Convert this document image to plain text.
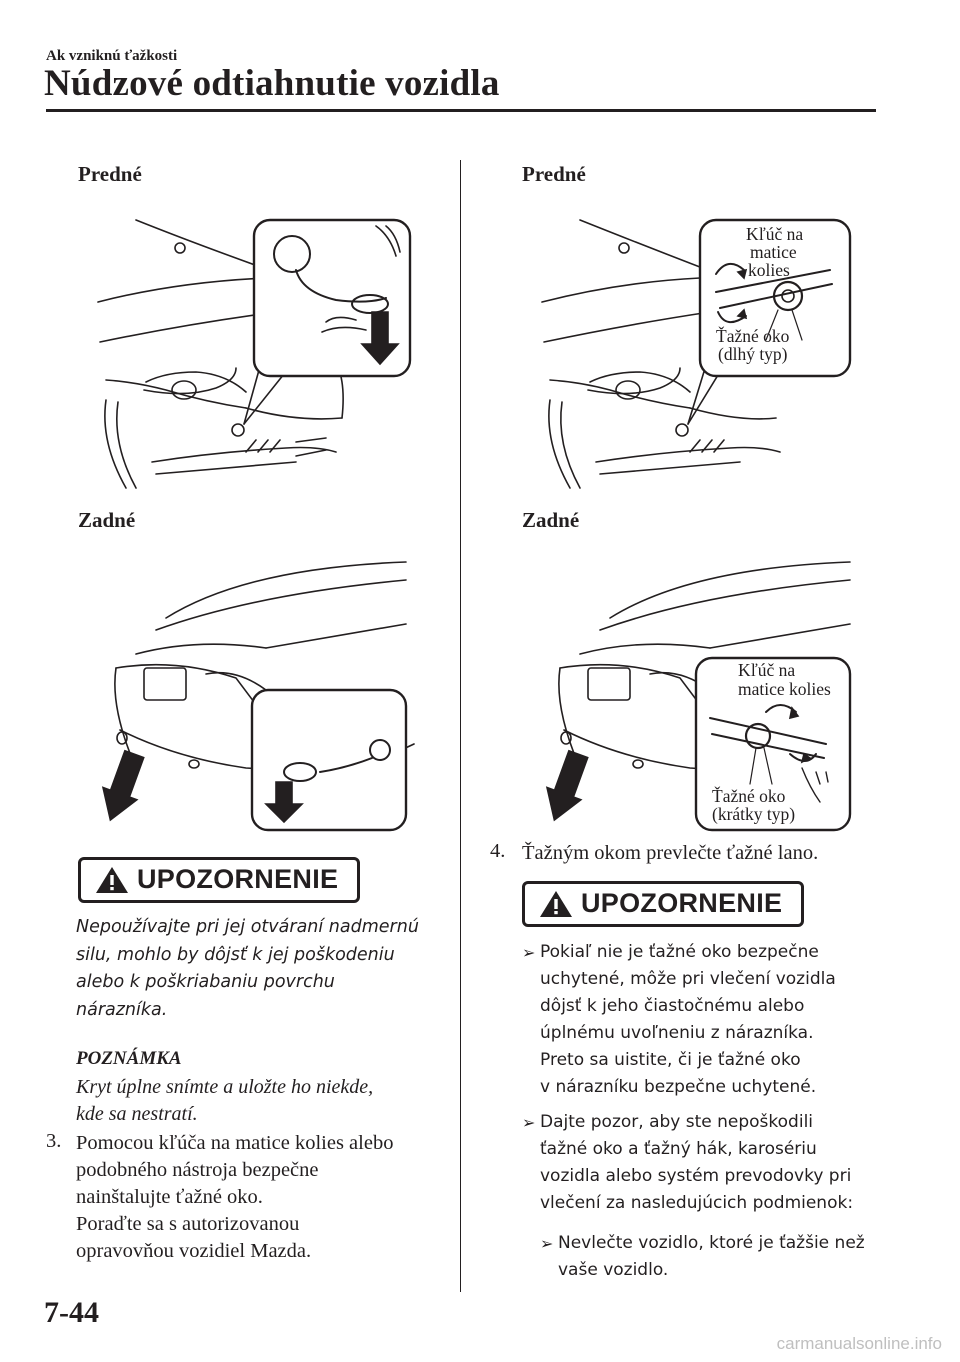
Ak vzniknú ťažkosti
Núdzové odtiahnutie vozidla
Predné
Zadné
UPOZORNENIE
Nepoužívajte pri jej otváraní nadmernú
silu, mohlo by dôjsť k jej poškodeniu
alebo k poškriabaniu povrchu
nárazníka.
POZNÁMKA
Kryt úplne snímte a uložte ho niekde,
kde sa nestratí.
3. Pomocou kľúča na matice kolies alebo
podobného nástroja bezpečne
nainštalujte ťažné oko.
Poraďte sa s autorizovanou
opravovňou vozidiel Mazda.
Predné
Kľúč na
matice
kolies
Ťažné oko
(dlhý typ)
Zadné
Kľúč na
matice kolies
Ťažné oko
(krátky typ)
4. Ťažným okom prevlečte ťažné lano.
UPOZORNENIE
➢ Pokiaľ nie je ťažné oko bezpečne
uchytené, môže pri vlečení vozidla
dôjsť k jeho čiastočnému alebo
úplnému uvoľneniu z nárazníka.
Preto sa uistite, či je ťažné oko
v nárazníku bezpečne uchytené.
➢ Dajte pozor, aby ste nepoškodili
ťažné oko a ťažný hák, karosériu
vozidla alebo systém prevodovky pri
vlečení za nasledujúcich podmienok:
➢ Nevlečte vozidlo, ktoré je ťažšie než
vaše vozidlo.
7-44
carmanualsonline.info
